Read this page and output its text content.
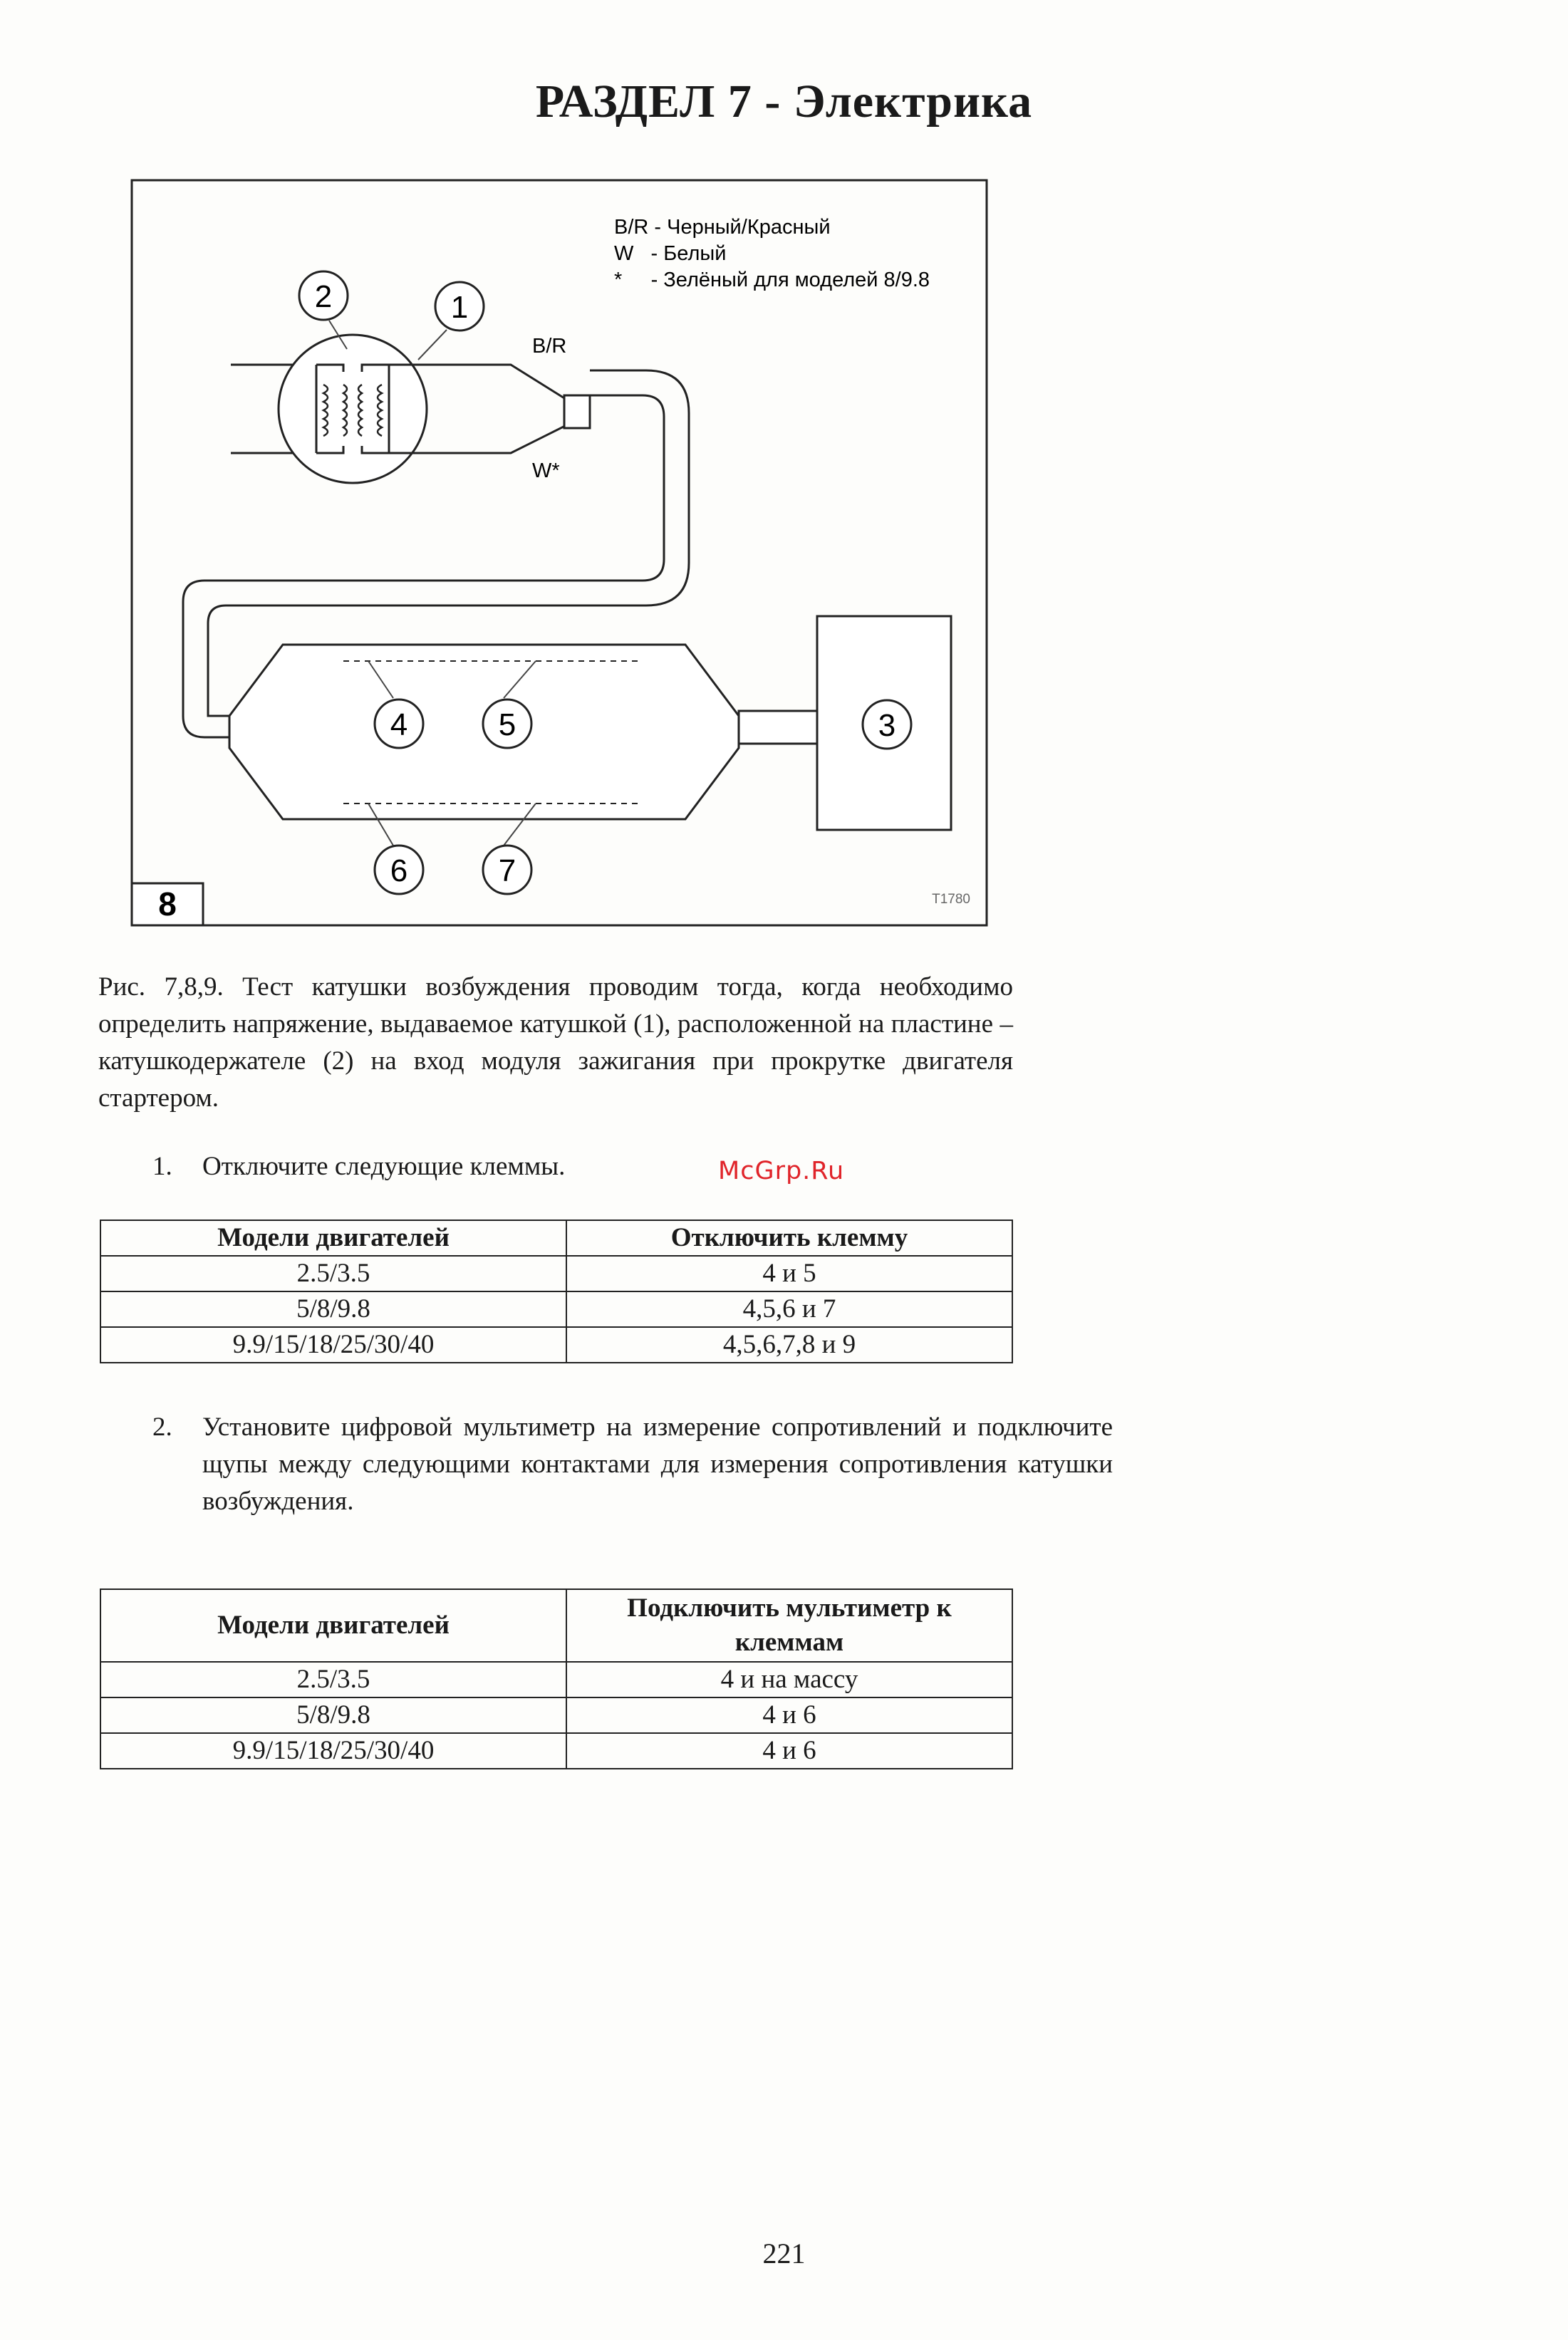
РАЗДЕЛ 7 - Электрика
8	T1780
B/R - Черный/Красный
W   - Белый
*     - Зелёный для моделей 8/9.8
B/R
W*
2	1
4	5	3
6	7
Рис. 7,8,9. Тест катушки возбуждения проводим тогда, когда необходимо определить напряжение, выдаваемое катушкой (1), расположенной на пластине – катушкодержателе (2) на вход модуля зажигания при прокрутке двигателя стартером.
1. Отключите следующие клеммы.	McGrp.Ru
Модели двигателей	Отключить клемму
2.5/3.5	4 и 5
5/8/9.8	4,5,6 и 7
9.9/15/18/25/30/40	4,5,6,7,8 и 9
2. Установите цифровой мультиметр на измерение сопротивлений и подключите щупы между следующими контактами для измерения сопротивления катушки возбуждения.
Модели двигателей	Подключить мультиметр к клеммам
2.5/3.5	4 и на массу
5/8/9.8	4 и 6
9.9/15/18/25/30/40	4 и 6
221
